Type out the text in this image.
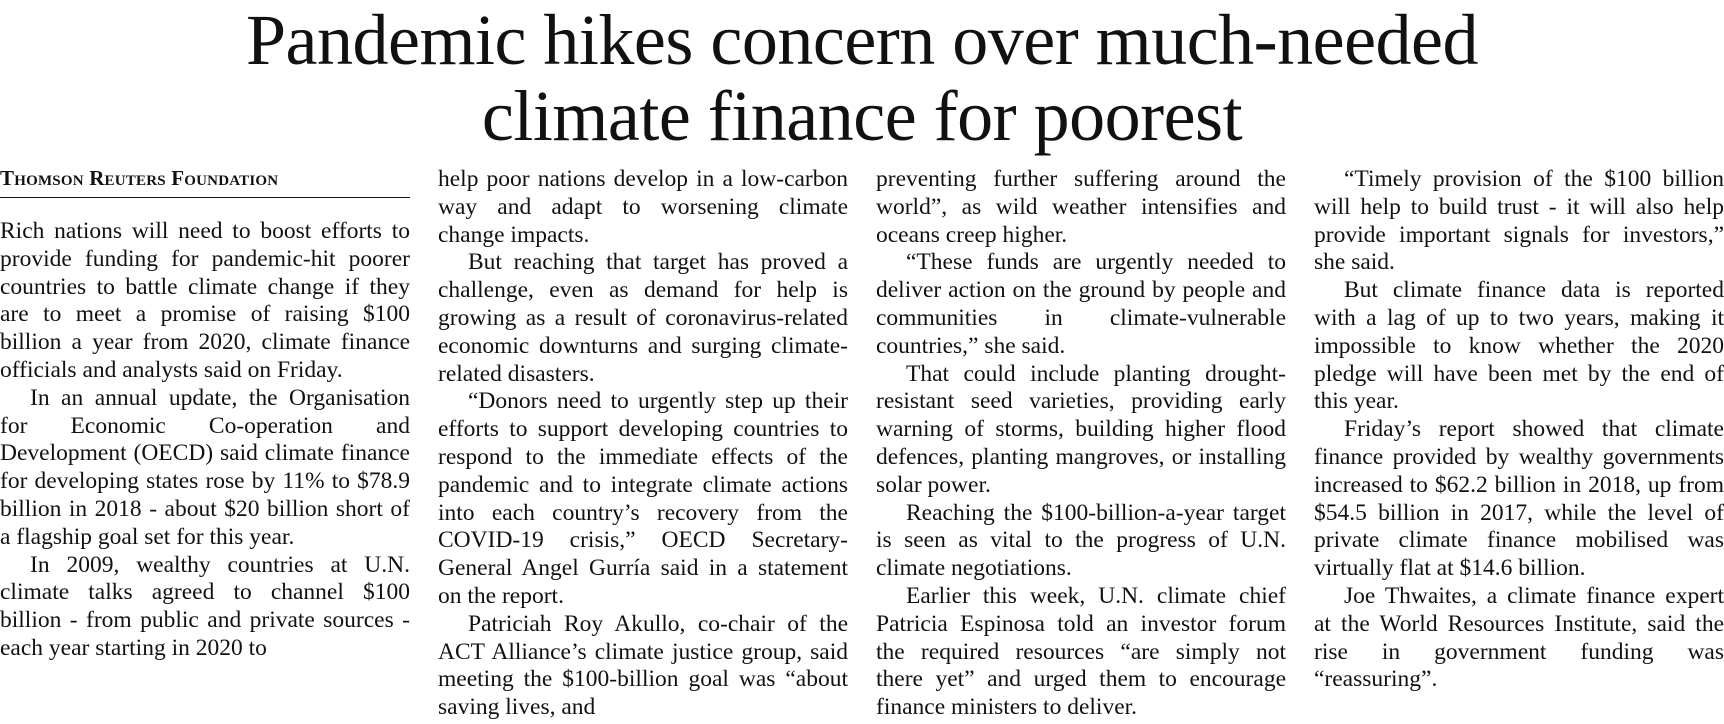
Pandemic hikes concern over much-needed
climate finance for poorest
Thomson Reuters Foundation

Rich nations will need to boost efforts to provide funding for pandemic-hit poorer countries to battle climate change if they are to meet a promise of raising $100 billion a year from 2020, climate finance officials and analysts said on Friday.

In an annual update, the Organisation for Economic Co-operation and Development (OECD) said climate finance for developing states rose by 11% to $78.9 billion in 2018 - about $20 billion short of a flagship goal set for this year.

In 2009, wealthy countries at U.N. climate talks agreed to channel $100 billion - from public and private sources - each year starting in 2020 to

help poor nations develop in a low-carbon way and adapt to worsening climate change impacts.

But reaching that target has proved a challenge, even as demand for help is growing as a result of coronavirus-related economic downturns and surging climate-related disasters.

“Donors need to urgently step up their efforts to support developing countries to respond to the immediate effects of the pandemic and to integrate climate actions into each country’s recovery from the COVID-19 crisis,” OECD Secretary-General Angel Gurría said in a statement on the report.

Patriciah Roy Akullo, co-chair of the ACT Alliance’s climate justice group, said meeting the $100-billion goal was “about saving lives, and

preventing further suffering around the world”, as wild weather intensifies and oceans creep higher.

“These funds are urgently needed to deliver action on the ground by people and communities in climate-vulnerable countries,” she said.

That could include planting drought-resistant seed varieties, providing early warning of storms, building higher flood defences, planting mangroves, or installing solar power.

Reaching the $100-billion-a-year target is seen as vital to the progress of U.N. climate negotiations.

Earlier this week, U.N. climate chief Patricia Espinosa told an investor forum the required resources “are simply not there yet” and urged them to encourage finance ministers to deliver.

“Timely provision of the $100 billion will help to build trust - it will also help provide important signals for investors,” she said.

But climate finance data is reported with a lag of up to two years, making it impossible to know whether the 2020 pledge will have been met by the end of this year.

Friday’s report showed that climate finance provided by wealthy governments increased to $62.2 billion in 2018, up from $54.5 billion in 2017, while the level of private climate finance mobilised was virtually flat at $14.6 billion.

Joe Thwaites, a climate finance expert at the World Resources Institute, said the rise in government funding was “reassuring”.
